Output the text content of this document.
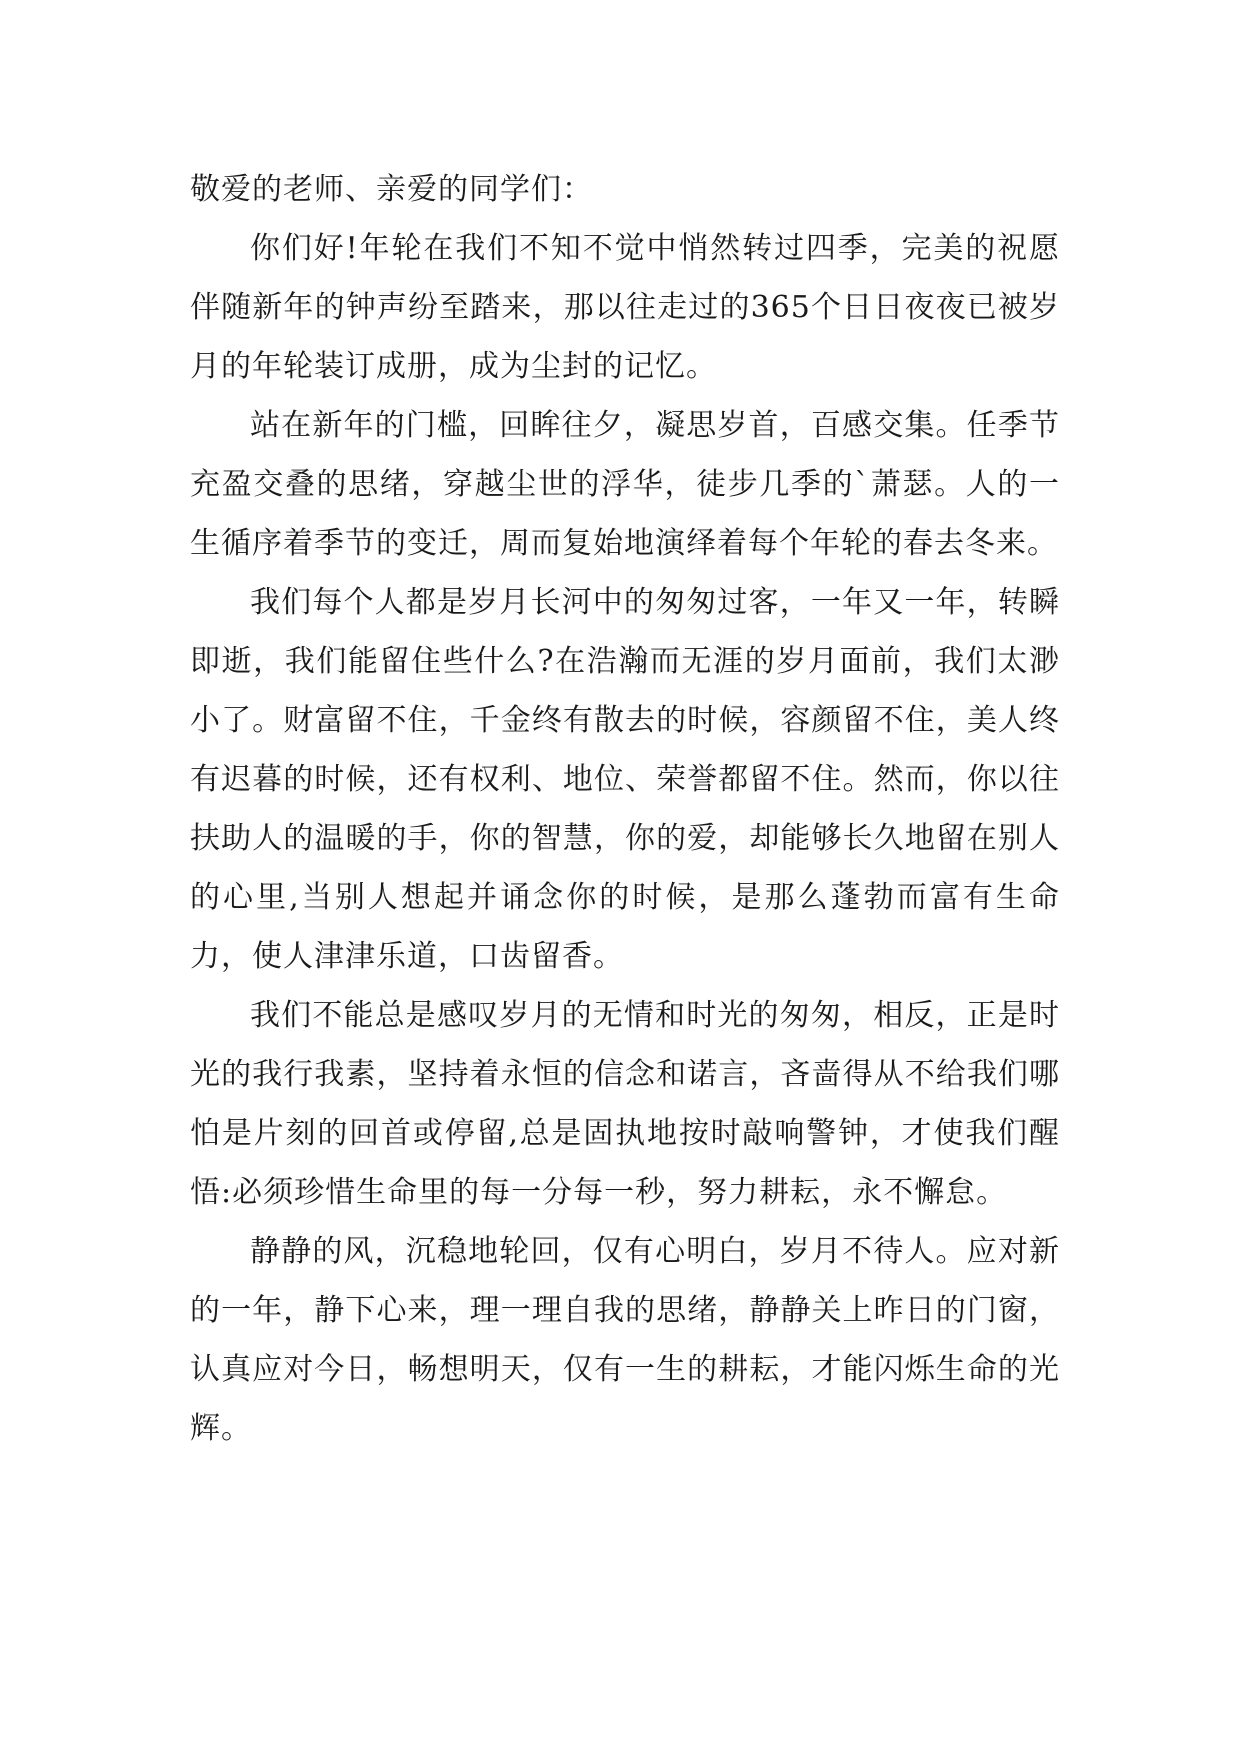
敬爱的老师、亲爱的同学们：

你们好!年轮在我们不知不觉中悄然转过四季，完美的祝愿伴随新年的钟声纷至踏来，那以往走过的365个日日夜夜已被岁月的年轮装订成册，成为尘封的记忆。

站在新年的门槛，回眸往夕，凝思岁首，百感交集。任季节充盈交叠的思绪，穿越尘世的浮华，徒步几季的`萧瑟。人的一生循序着季节的变迁，周而复始地演绎着每个年轮的春去冬来。

我们每个人都是岁月长河中的匆匆过客，一年又一年，转瞬即逝，我们能留住些什么?在浩瀚而无涯的岁月面前，我们太渺小了。财富留不住，千金终有散去的时候，容颜留不住，美人终有迟暮的时候，还有权利、地位、荣誉都留不住。然而，你以往扶助人的温暖的手，你的智慧，你的爱，却能够长久地留在别人的心里,当别人想起并诵念你的时候，是那么蓬勃而富有生命力，使人津津乐道，口齿留香。

我们不能总是感叹岁月的无情和时光的匆匆，相反，正是时光的我行我素，坚持着永恒的信念和诺言，吝啬得从不给我们哪怕是片刻的回首或停留,总是固执地按时敲响警钟，才使我们醒悟:必须珍惜生命里的每一分每一秒，努力耕耘，永不懈怠。

静静的风，沉稳地轮回，仅有心明白，岁月不待人。应对新的一年，静下心来，理一理自我的思绪，静静关上昨日的门窗，认真应对今日，畅想明天，仅有一生的耕耘，才能闪烁生命的光辉。
